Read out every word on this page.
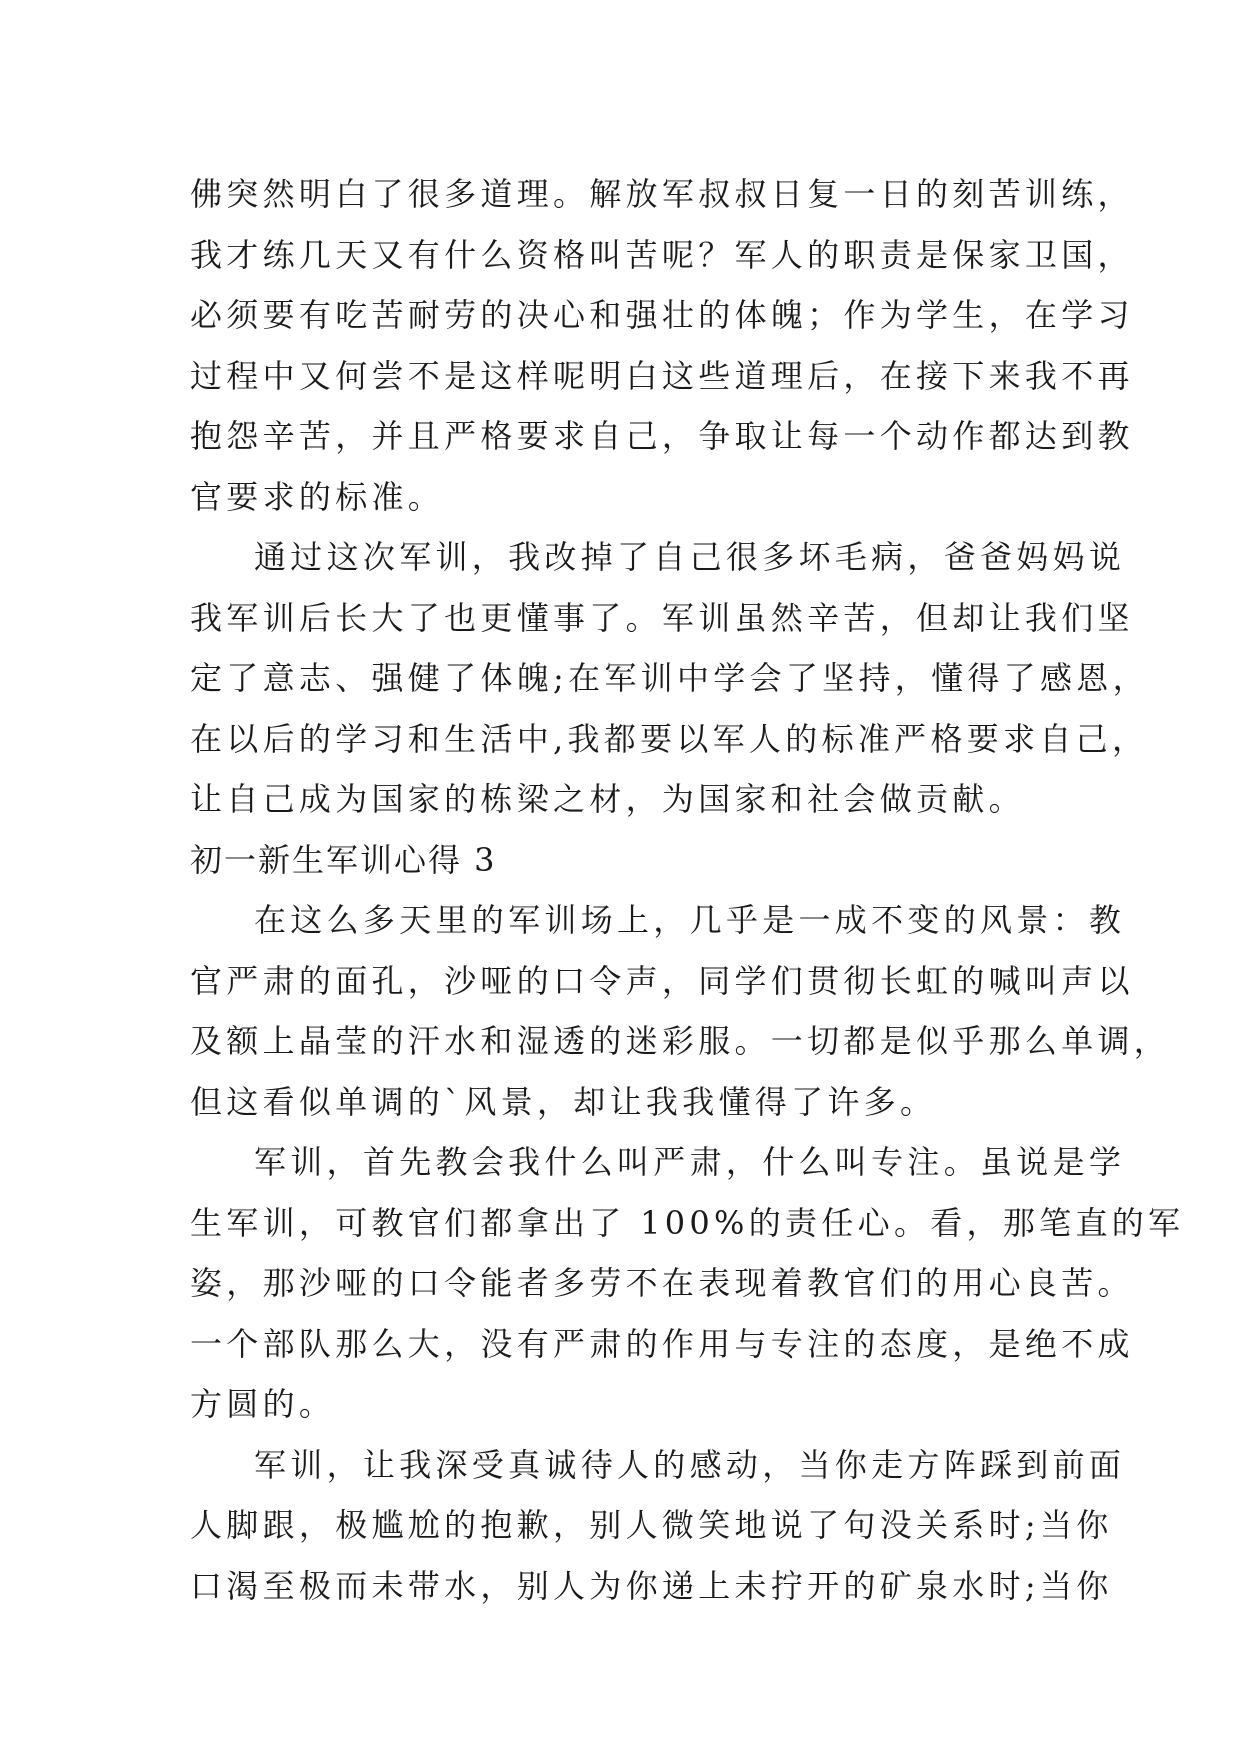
佛突然明白了很多道理。解放军叔叔日复一日的刻苦训练，
我才练几天又有什么资格叫苦呢？军人的职责是保家卫国，
必须要有吃苦耐劳的决心和强壮的体魄；作为学生，在学习
过程中又何尝不是这样呢明白这些道理后，在接下来我不再
抱怨辛苦，并且严格要求自己，争取让每一个动作都达到教
官要求的标准。
通过这次军训，我改掉了自己很多坏毛病，爸爸妈妈说
我军训后长大了也更懂事了。军训虽然辛苦，但却让我们坚
定了意志、强健了体魄;在军训中学会了坚持，懂得了感恩，
在以后的学习和生活中,我都要以军人的标准严格要求自己，
让自己成为国家的栋梁之材，为国家和社会做贡献。
初一新生军训心得 3
在这么多天里的军训场上，几乎是一成不变的风景：教
官严肃的面孔，沙哑的口令声，同学们贯彻长虹的喊叫声以
及额上晶莹的汗水和湿透的迷彩服。一切都是似乎那么单调，
但这看似单调的`风景，却让我我懂得了许多。
军训，首先教会我什么叫严肃，什么叫专注。虽说是学
生军训，可教官们都拿出了 100%的责任心。看，那笔直的军
姿，那沙哑的口令能者多劳不在表现着教官们的用心良苦。
一个部队那么大，没有严肃的作用与专注的态度，是绝不成
方圆的。
军训，让我深受真诚待人的感动，当你走方阵踩到前面
人脚跟，极尴尬的抱歉，别人微笑地说了句没关系时;当你
口渴至极而未带水，别人为你递上未拧开的矿泉水时;当你
